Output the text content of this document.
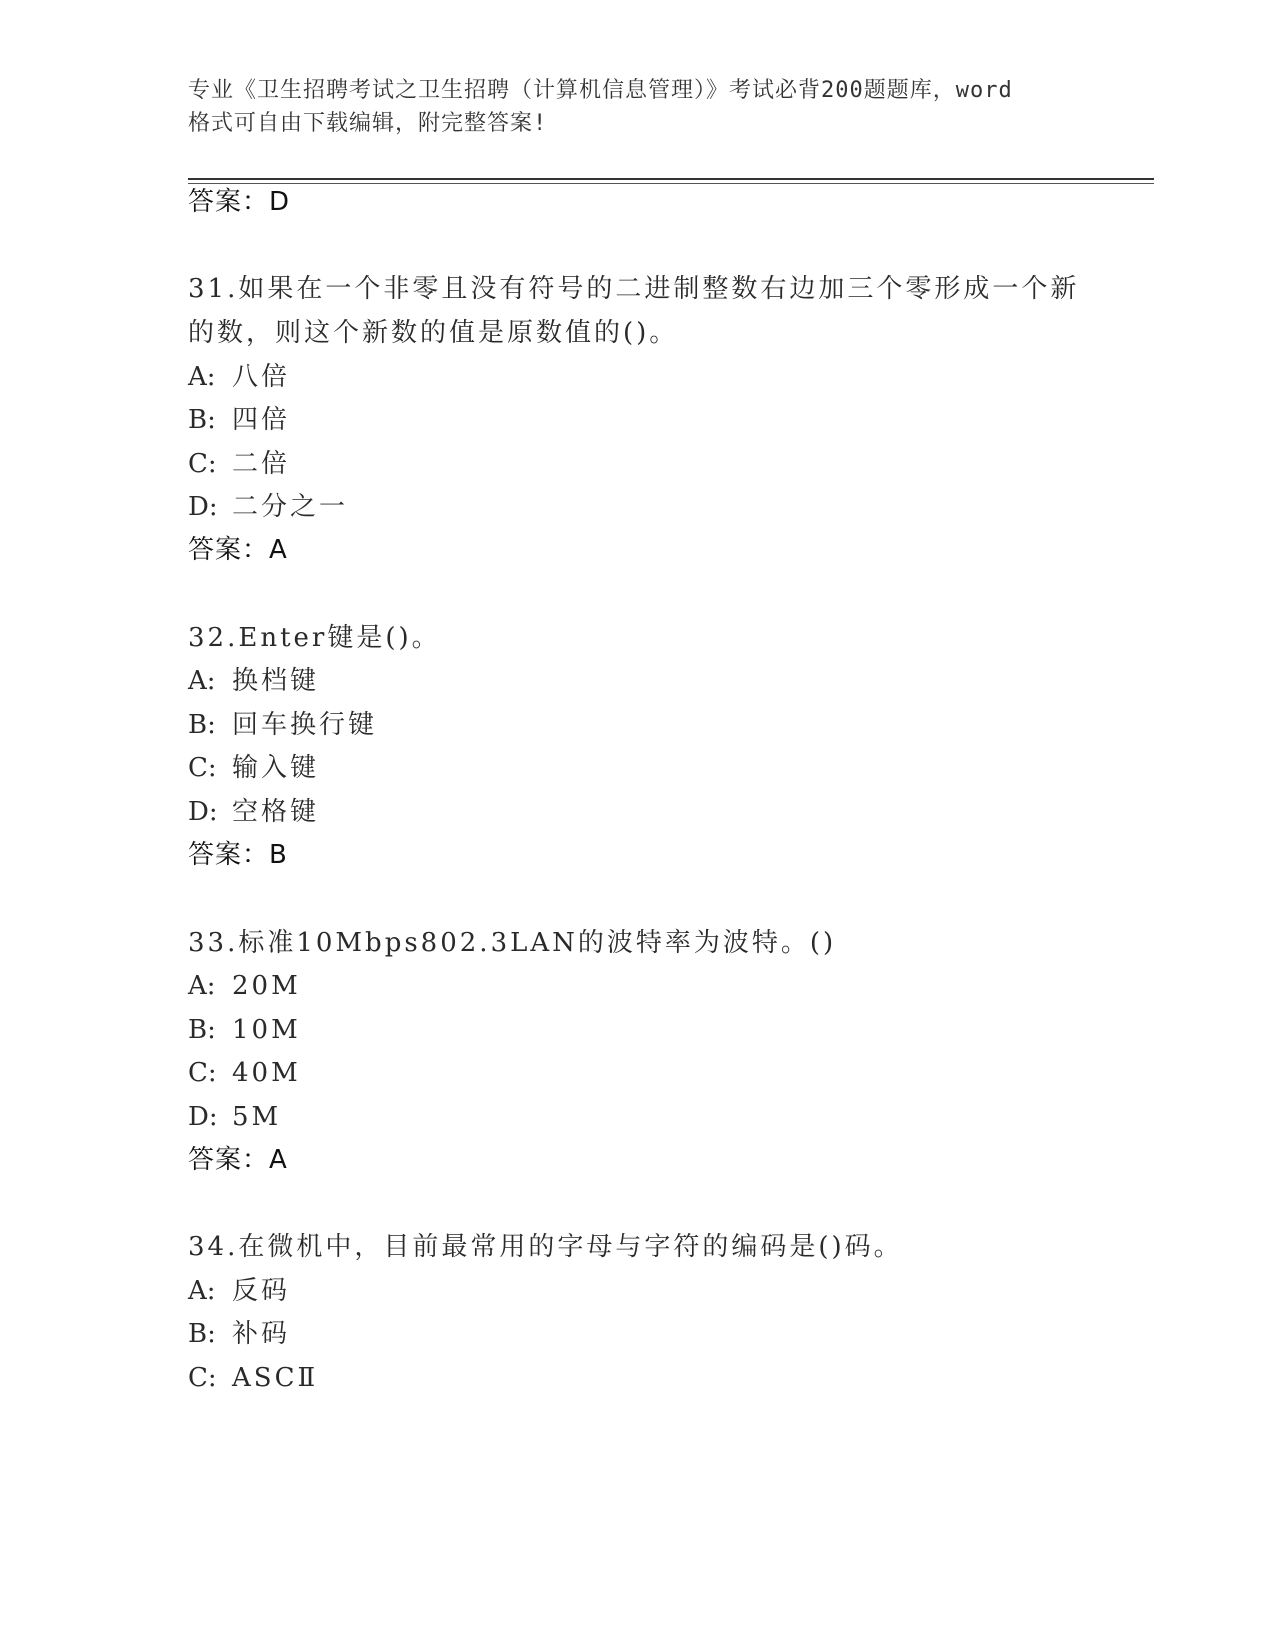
专业《卫生招聘考试之卫生招聘（计算机信息管理）》考试必背200题题库，word
格式可自由下载编辑，附完整答案!
答案：D
31.如果在一个非零且没有符号的二进制整数右边加三个零形成一个新
的数，则这个新数的值是原数值的()。
A: 八倍
B: 四倍
C: 二倍
D: 二分之一
答案：A
32.Enter键是()。
A: 换档键
B: 回车换行键
C: 输入键
D: 空格键
答案：B
33.标准10Mbps802.3LAN的波特率为波特。()
A: 20M
B: 10M
C: 40M
D: 5M
答案：A
34.在微机中，目前最常用的字母与字符的编码是()码。
A: 反码
B: 补码
C: ASCⅡ
